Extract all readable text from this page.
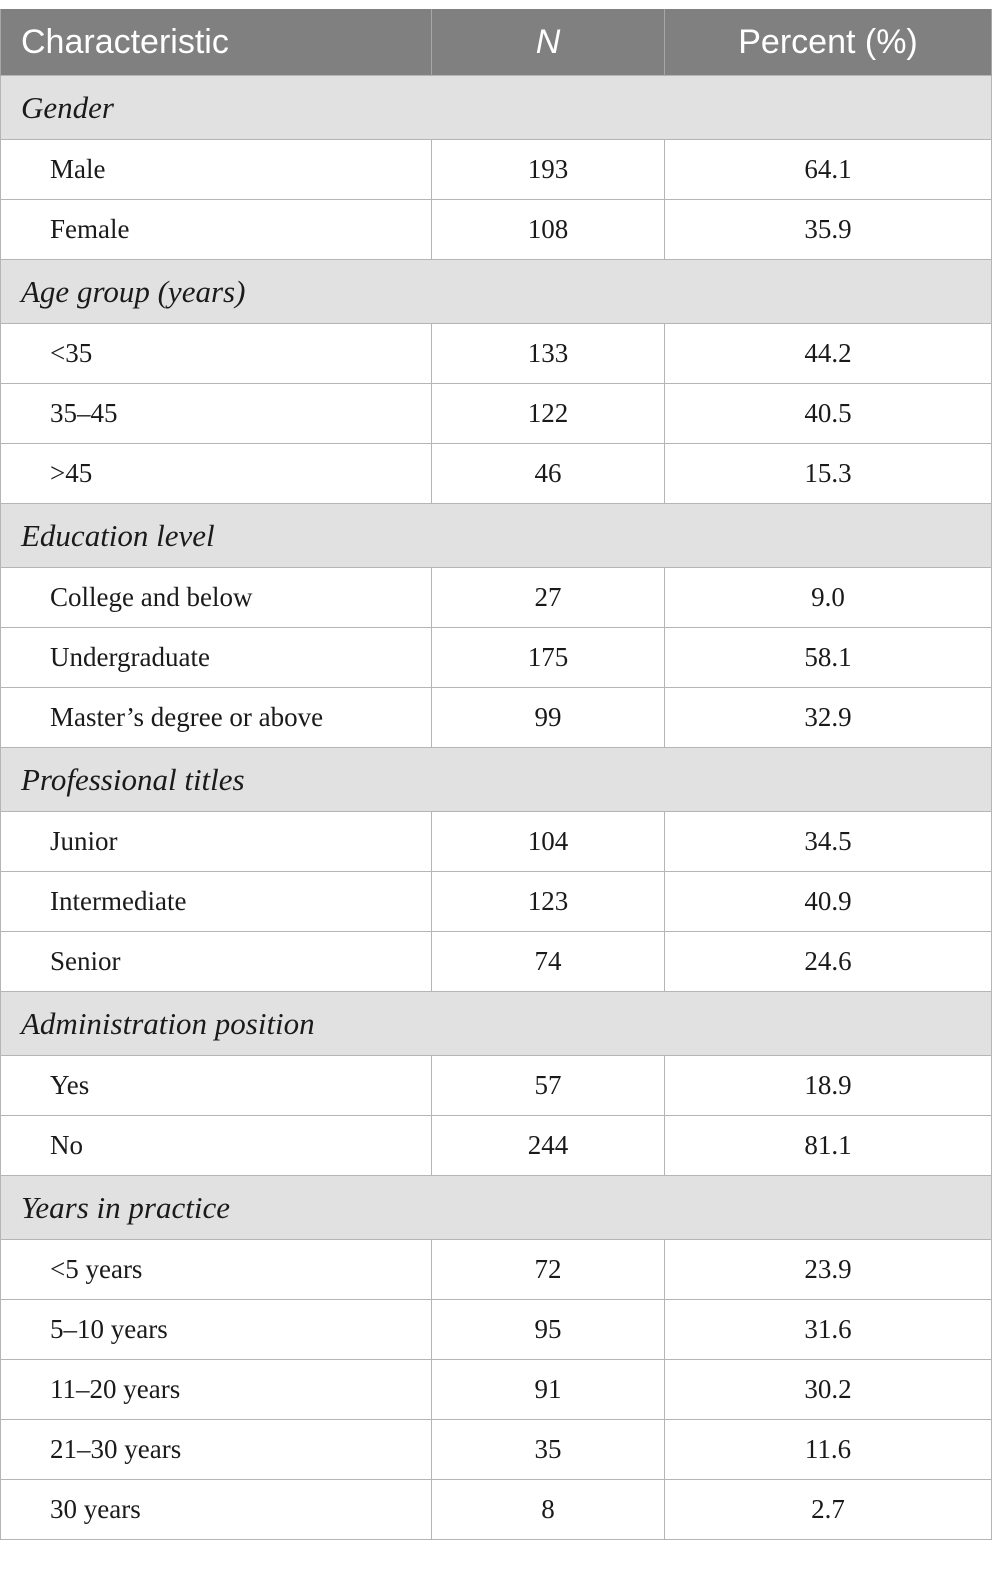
Characteristic	N	Percent (%)
Gender		
Male	193	64.1
Female	108	35.9
Age group (years)		
<35	133	44.2
35–45	122	40.5
>45	46	15.3
Education level		
College and below	27	9.0
Undergraduate	175	58.1
Master’s degree or above	99	32.9
Professional titles		
Junior	104	34.5
Intermediate	123	40.9
Senior	74	24.6
Administration position		
Yes	57	18.9
No	244	81.1
Years in practice		
<5 years	72	23.9
5–10 years	95	31.6
11–20 years	91	30.2
21–30 years	35	11.6
30 years	8	2.7
